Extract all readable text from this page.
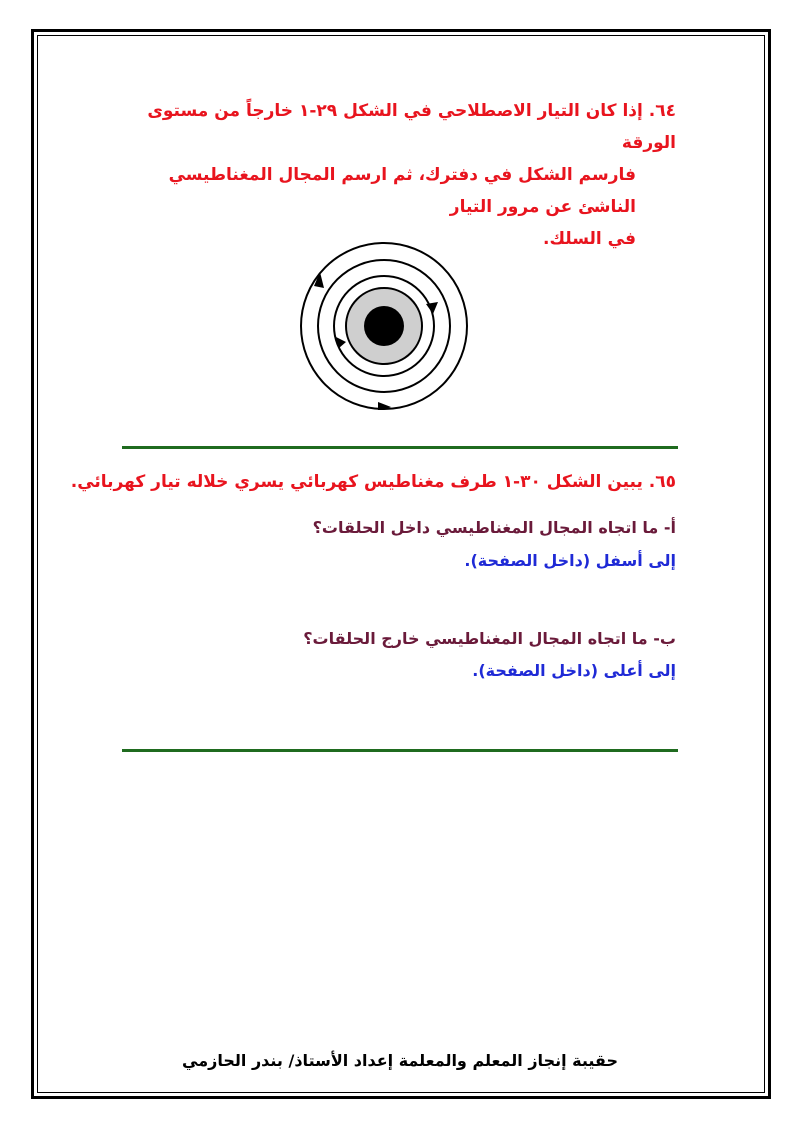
٦٤. إذا كان التيار الاصطلاحي في الشكل ٢٩-١ خارجاً من مستوى الورقة
فارسم الشكل في دفترك، ثم ارسم المجال المغناطيسي الناشئ عن مرور التيار
في السلك.
٦٥. يبين الشكل ٣٠-١ طرف مغناطيس كهربائي يسري خلاله تيار كهربائي.
أ- ما اتجاه المجال المغناطيسي داخل الحلقات؟
إلى أسفل (داخل الصفحة).
ب- ما اتجاه المجال المغناطيسي خارج الحلقات؟
إلى أعلى (داخل الصفحة).
حقيبة إنجاز المعلم والمعلمة إعداد الأستاذ/ بندر الحازمي
